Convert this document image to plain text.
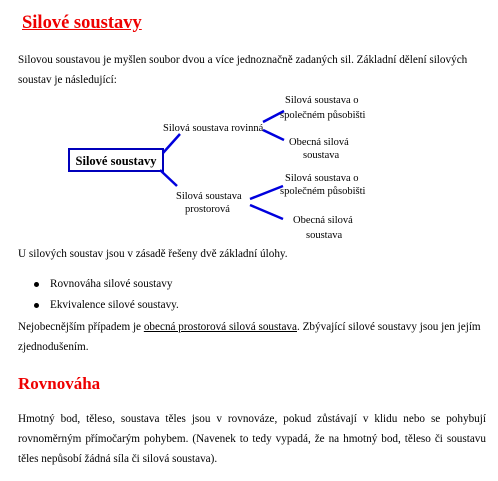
Silové soustavy

Silovou soustavou je myšlen soubor dvou a více jednoznačně zadaných sil. Základní dělení silových soustav je následující:

Silové soustavy
Silová soustava rovinná
Silová soustava
prostorová
Silová soustava o
společném působišti
Obecná silová
soustava
Silová soustava o
společném působišti
Obecná silová
soustava

U silových soustav jsou v zásadě řešeny dvě základní úlohy.

Rovnováha silové soustavy
Ekvivalence silové soustavy.

Nejobecnějším případem je obecná prostorová silová soustava. Zbývající silové soustavy jsou jen jejím zjednodušením.

Rovnováha

Hmotný bod, těleso, soustava těles jsou v rovnováze, pokud zůstávají v klidu nebo se pohybují rovnoměrným přímočarým pohybem. (Navenek to tedy vypadá, že na hmotný bod, těleso či soustavu těles nepůsobí žádná síla či silová soustava).
